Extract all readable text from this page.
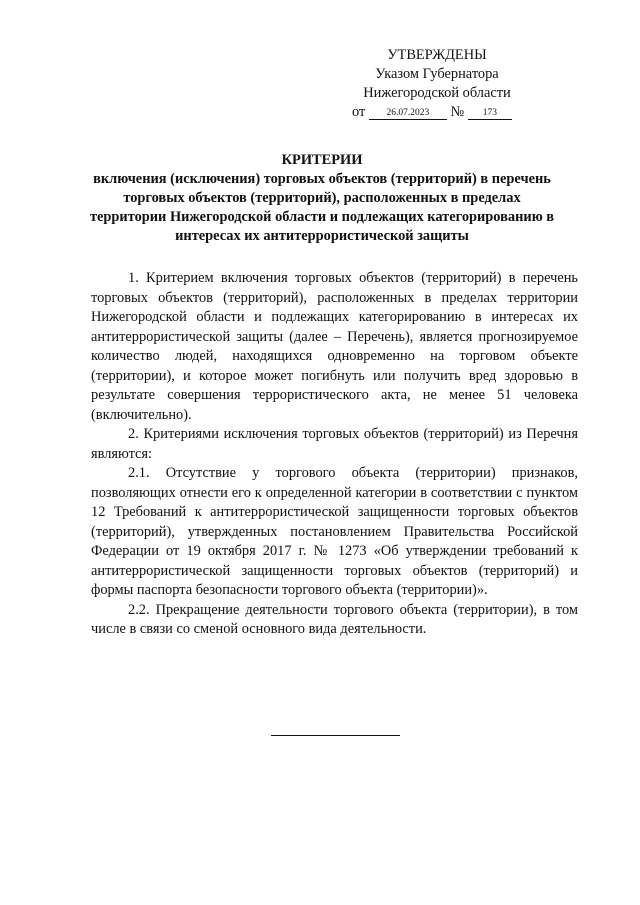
УТВЕРЖДЕНЫ
Указом Губернатора
Нижегородской области
от 26.07.2023 № 173
КРИТЕРИИ
включения (исключения) торговых объектов (территорий) в перечень торговых объектов (территорий), расположенных в пределах территории Нижегородской области и подлежащих категорированию в интересах их антитеррористической защиты

1. Критерием включения торговых объектов (территорий) в перечень торговых объектов (территорий), расположенных в пределах территории Нижегородской области и подлежащих категорированию в интересах их антитеррористической защиты (далее – Перечень), является прогнозируемое количество людей, находящихся одновременно на торговом объекте (территории), и которое может погибнуть или получить вред здоровью в результате совершения террористического акта, не менее 51 человека (включительно).

2. Критериями исключения торговых объектов (территорий) из Перечня являются:

2.1. Отсутствие у торгового объекта (территории) признаков, позволяющих отнести его к определенной категории в соответствии с пунктом 12 Требований к антитеррористической защищенности торговых объектов (территорий), утвержденных постановлением Правительства Российской Федерации от 19 октября 2017 г. № 1273 «Об утверждении требований к антитеррористической защищенности торговых объектов (территорий) и формы паспорта безопасности торгового объекта (территории)».

2.2. Прекращение деятельности торгового объекта (территории), в том числе в связи со сменой основного вида деятельности.
